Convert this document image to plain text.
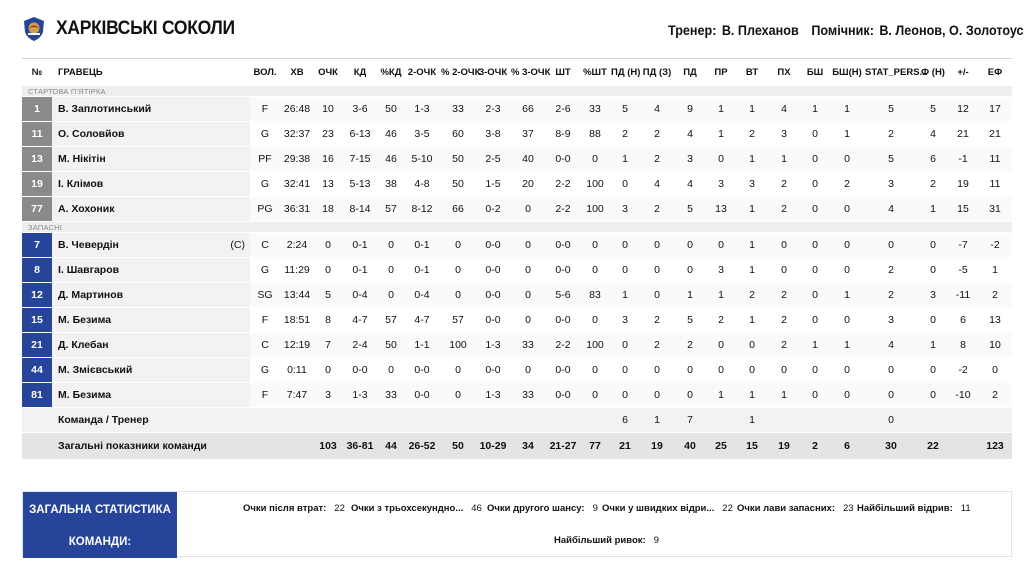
ХАРКІВСЬКІ СОКОЛИ	Тренер: В. Плеханов Помічник: В. Леонов, О. Золотоус
№	ГРАВЕЦЬ	ВОЛ.	ХВ	ОЧК	КД	%КД	2-ОЧК	% 2-ОЧК	3-ОЧК	% 3-ОЧК	ШТ	%ШТ	ПД (Н)	ПД (З)	ПД	ПР	ВТ	ПХ	БШ	БШ(Н)	STAT_PERS...	Ф (Н)	+/-	ЕФ
СТАРТОВА П'ЯТІРКА																								
1	В. Заплотинський	F	26:48	10	3-6	50	1-3	33	2-3	66	2-6	33	5	4	9	1	1	4	1	1	5	5	12	17
11	О. Соловйов	G	32:37	23	6-13	46	3-5	60	3-8	37	8-9	88	2	2	4	1	2	3	0	1	2	4	21	21
13	М. Нікітін	PF	29:38	16	7-15	46	5-10	50	2-5	40	0-0	0	1	2	3	0	1	1	0	0	5	6	-1	11
19	І. Клімов	G	32:41	13	5-13	38	4-8	50	1-5	20	2-2	100	0	4	4	3	3	2	0	2	3	2	19	11
77	А. Хохоник	PG	36:31	18	8-14	57	8-12	66	0-2	0	2-2	100	3	2	5	13	1	2	0	0	4	1	15	31
ЗАПАСНІ																								
7	В. Чевердін (C)	C	2:24	0	0-1	0	0-1	0	0-0	0	0-0	0	0	0	0	0	1	0	0	0	0	0	-7	-2
8	І. Шавгаров	G	11:29	0	0-1	0	0-1	0	0-0	0	0-0	0	0	0	0	3	1	0	0	0	2	0	-5	1
12	Д. Мартинов	SG	13:44	5	0-4	0	0-4	0	0-0	0	5-6	83	1	0	1	1	2	2	0	1	2	3	-11	2
15	М. Безима	F	18:51	8	4-7	57	4-7	57	0-0	0	0-0	0	3	2	5	2	1	2	0	0	3	0	6	13
21	Д. Клебан	C	12:19	7	2-4	50	1-1	100	1-3	33	2-2	100	0	2	2	0	0	2	1	1	4	1	8	10
44	М. Змієвський	G	0:11	0	0-0	0	0-0	0	0-0	0	0-0	0	0	0	0	0	0	0	0	0	0	0	-2	0
81	М. Безима	F	7:47	3	1-3	33	0-0	0	1-3	33	0-0	0	0	0	0	1	1	1	0	0	0	0	-10	2
	Команда / Тренер												6	1	7		1				0			
	Загальні показники команди			103	36-81	44	26-52	50	10-29	34	21-27	77	21	19	40	25	15	19	2	6	30	22		123
ЗАГАЛЬНА СТАТИСТИКА
КОМАНДИ:
Очки після втрат: 22 Очки з трьохсекундно... 46 Очки другого шансу: 9 Очки у швидких відри... 22 Очки лави запасних: 23 Найбільший відрив: 11
Найбільший ривок: 9
